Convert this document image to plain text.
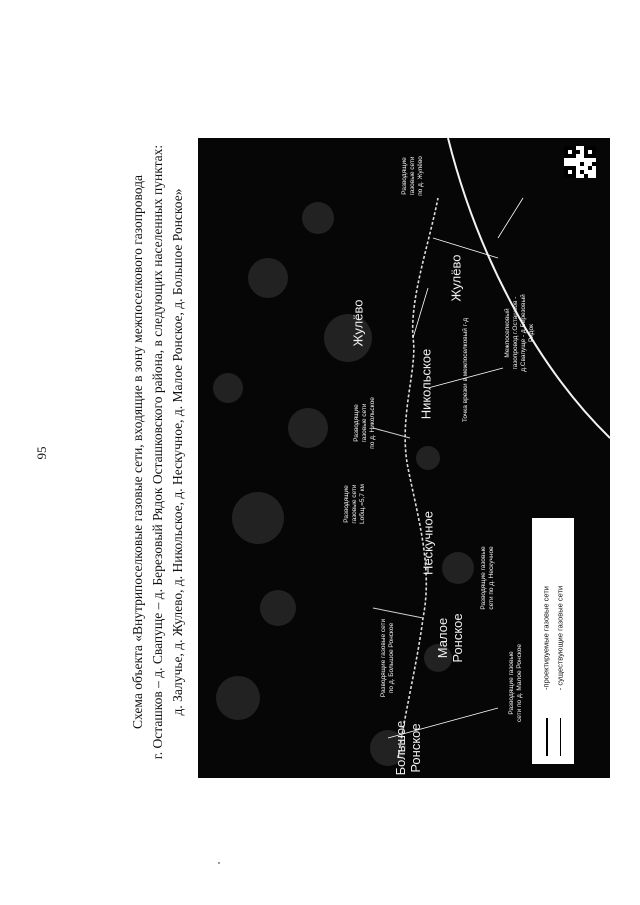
95	Схема объекта «Внутрипоселковые газовые сети, входящие в зону межпоселкового газопровода г. Осташков – д. Свапуще – д. Березовый Рядок Осташковского района, в следующих населенных пунктах: д. Залучье, д. Жулево, д. Никольское, д. Нескучное, д. Малое Ронское, д. Большое Ронское»
Большое
Ронское
Малое
Ронское
Нескучное
Никольское
Жулёво
Жулёво
Разводящие газовые сети
по д. Большое Ронское
Разводящие газовые
сети по д. Малое Ронское
Разводящие газовые
сети по д. Нескучное
Разводящие
газовые сети
Lобщ.=5,7 км
Разводящие
газовые сети
по д. Никольское	Точка врезки в межпоселковый г-д
Разводящие
газовые сети
по д. Жулёво
Межпоселковый
газопровод г.Осташков -
д.Свапуще - д.Березовый
Рядок
-проектируемые газовые сети - существующие газовые сети
